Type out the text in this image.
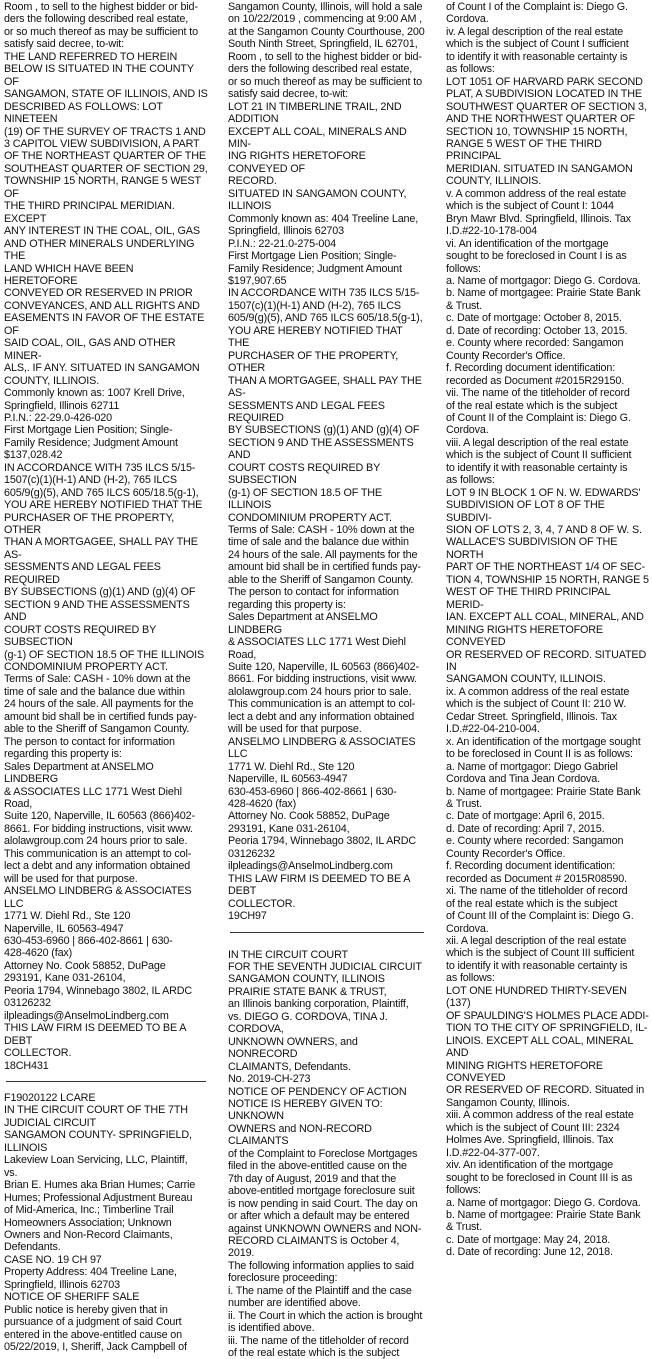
Room , to sell to the highest bidder or bid-

ders the following described real estate,

or so much thereof as may be sufficient to

satisfy said decree, to-wit:

THE LAND REFERRED TO HEREIN

BELOW IS SITUATED IN THE COUNTY OF

SANGAMON, STATE OF ILLINOIS, AND IS

DESCRIBED AS FOLLOWS: LOT NINETEEN

(19) OF THE SURVEY OF TRACTS 1 AND

3 CAPITOL VIEW SUBDIVISION, A PART

OF THE NORTHEAST QUARTER OF THE

SOUTHEAST QUARTER OF SECTION 29,

TOWNSHIP 15 NORTH, RANGE 5 WEST OF

THE THIRD PRINCIPAL MERIDIAN. EXCEPT

ANY INTEREST IN THE COAL, OIL, GAS

AND OTHER MINERALS UNDERLYING THE

LAND WHICH HAVE BEEN HERETOFORE

CONVEYED OR RESERVED IN PRIOR

CONVEYANCES, AND ALL RIGHTS AND

EASEMENTS IN FAVOR OF THE ESTATE OF

SAID COAL, OIL, GAS AND OTHER MINER-

ALS,. IF ANY. SITUATED IN SANGAMON

COUNTY, ILLINOIS.

Commonly known as: 1007 Krell Drive,

Springfield, Illinois 62711

P.I.N.: 22-29.0-426-020

First Mortgage Lien Position; Single-

Family Residence; Judgment Amount

$137,028.42

IN ACCORDANCE WITH 735 ILCS 5/15-

1507(c)(1)(H-1) AND (H-2), 765 ILCS

605/9(g)(5), AND 765 ILCS 605/18.5(g-1),

YOU ARE HEREBY NOTIFIED THAT THE

PURCHASER OF THE PROPERTY, OTHER

THAN A MORTGAGEE, SHALL PAY THE AS-

SESSMENTS AND LEGAL FEES REQUIRED

BY SUBSECTIONS (g)(1) AND (g)(4) OF

SECTION 9 AND THE ASSESSMENTS AND

COURT COSTS REQUIRED BY SUBSECTION

(g-1) OF SECTION 18.5 OF THE ILLINOIS

CONDOMINIUM PROPERTY ACT.

Terms of Sale: CASH - 10% down at the

time of sale and the balance due within

24 hours of the sale. All payments for the

amount bid shall be in certified funds pay-

able to the Sheriff of Sangamon County.

The person to contact for information

regarding this property is:

Sales Department at ANSELMO LINDBERG

& ASSOCIATES LLC 1771 West Diehl Road,

Suite 120, Naperville, IL 60563 (866)402-

8661. For bidding instructions, visit www.

alolawgroup.com 24 hours prior to sale.

This communication is an attempt to col-

lect a debt and any information obtained

will be used for that purpose.

ANSELMO LINDBERG & ASSOCIATES LLC

1771 W. Diehl Rd., Ste 120

Naperville, IL 60563-4947

630-453-6960 | 866-402-8661 | 630-

428-4620 (fax)

Attorney No. Cook 58852, DuPage

293191, Kane 031-26104,

Peoria 1794, Winnebago 3802, IL ARDC

03126232

ilpleadings@AnselmoLindberg.com

THIS LAW FIRM IS DEEMED TO BE A DEBT

COLLECTOR.

18CH431

F19020122 LCARE

IN THE CIRCUIT COURT OF THE 7TH

JUDICIAL CIRCUIT

SANGAMON COUNTY- SPRINGFIELD,

ILLINOIS

Lakeview Loan Servicing, LLC, Plaintiff,

vs.

Brian E. Humes aka Brian Humes; Carrie

Humes; Professional Adjustment Bureau

of Mid-America, Inc.; Timberline Trail

Homeowners Association; Unknown

Owners and Non-Record Claimants,

Defendants.

CASE NO. 19 CH 97

Property Address: 404 Treeline Lane,

Springfield, Illinois 62703

NOTICE OF SHERIFF SALE

Public notice is hereby given that in

pursuance of a judgment of said Court

entered in the above-entitled cause on

05/22/2019, I, Sheriff, Jack Campbell of

Sangamon County, Illinois, will hold a sale

on 10/22/2019 , commencing at 9:00 AM ,

at the Sangamon County Courthouse, 200

South Ninth Street, Springfield, IL 62701,

Room , to sell to the highest bidder or bid-

ders the following described real estate,

or so much thereof as may be sufficient to

satisfy said decree, to-wit:

LOT 21 IN TIMBERLINE TRAIL, 2ND

ADDITION

EXCEPT ALL COAL, MINERALS AND MIN-

ING RIGHTS HERETOFORE CONVEYED OF

RECORD.

SITUATED IN SANGAMON COUNTY,

ILLINOIS

Commonly known as: 404 Treeline Lane,

Springfield, Illinois 62703

P.I.N.: 22-21.0-275-004

First Mortgage Lien Position; Single-

Family Residence; Judgment Amount

$197,907.65

IN ACCORDANCE WITH 735 ILCS 5/15-

1507(c)(1)(H-1) AND (H-2), 765 ILCS

605/9(g)(5), AND 765 ILCS 605/18.5(g-1),

YOU ARE HEREBY NOTIFIED THAT THE

PURCHASER OF THE PROPERTY, OTHER

THAN A MORTGAGEE, SHALL PAY THE AS-

SESSMENTS AND LEGAL FEES REQUIRED

BY SUBSECTIONS (g)(1) AND (g)(4) OF

SECTION 9 AND THE ASSESSMENTS AND

COURT COSTS REQUIRED BY SUBSECTION

(g-1) OF SECTION 18.5 OF THE ILLINOIS

CONDOMINIUM PROPERTY ACT.

Terms of Sale: CASH - 10% down at the

time of sale and the balance due within

24 hours of the sale. All payments for the

amount bid shall be in certified funds pay-

able to the Sheriff of Sangamon County.

The person to contact for information

regarding this property is:

Sales Department at ANSELMO LINDBERG

& ASSOCIATES LLC 1771 West Diehl Road,

Suite 120, Naperville, IL 60563 (866)402-

8661. For bidding instructions, visit www.

alolawgroup.com 24 hours prior to sale.

This communication is an attempt to col-

lect a debt and any information obtained

will be used for that purpose.

ANSELMO LINDBERG & ASSOCIATES LLC

1771 W. Diehl Rd., Ste 120

Naperville, IL 60563-4947

630-453-6960 | 866-402-8661 | 630-

428-4620 (fax)

Attorney No. Cook 58852, DuPage

293191, Kane 031-26104,

Peoria 1794, Winnebago 3802, IL ARDC

03126232

ilpleadings@AnselmoLindberg.com

THIS LAW FIRM IS DEEMED TO BE A DEBT

COLLECTOR.

19CH97

IN THE CIRCUIT COURT

FOR THE SEVENTH JUDICIAL CIRCUIT

SANGAMON COUNTY, ILLINOIS

PRAIRIE STATE BANK & TRUST,

an Illinois banking corporation, Plaintiff,

vs. DIEGO G. CORDOVA, TINA J.

CORDOVA,

UNKNOWN OWNERS, and NONRECORD

CLAIMANTS, Defendants.

No. 2019-CH-273

NOTICE OF PENDENCY OF ACTION

NOTICE IS HEREBY GIVEN TO: UNKNOWN

OWNERS and NON-RECORD CLAIMANTS

of the Complaint to Foreclose Mortgages

filed in the above-entitled cause on the

7th day of August, 2019 and that the

above-entitled mortgage foreclosure suit

is now pending in said Court. The day on

or after which a default may be entered

against UNKNOWN OWNERS and NON-

RECORD CLAIMANTS is October 4, 2019.

The following information applies to said

foreclosure proceeding:

i. The name of the Plaintiff and the case

number are identified above.

ii. The Court in which the action is brought

is identified above.

iii. The name of the titleholder of record

of the real estate which is the subject

of Count I of the Complaint is: Diego G.

Cordova.

iv. A legal description of the real estate

which is the subject of Count I sufficient

to identify it with reasonable certainty is

as follows:

LOT 1051 OF HARVARD PARK SECOND

PLAT, A SUBDIVISION LOCATED IN THE

SOUTHWEST QUARTER OF SECTION 3,

AND THE NORTHWEST QUARTER OF

SECTION 10, TOWNSHIP 15 NORTH,

RANGE 5 WEST OF THE THIRD PRINCIPAL

MERIDIAN. SITUATED IN SANGAMON

COUNTY, ILLINOIS.

v. A common address of the real estate

which is the subject of Count I: 1044

Bryn Mawr Blvd. Springfield, Illinois. Tax

I.D.#22-10-178-004

vi. An identification of the mortgage

sought to be foreclosed in Count I is as

follows:

a. Name of mortgagor: Diego G. Cordova.

b. Name of mortgagee: Prairie State Bank

& Trust.

c. Date of mortgage: October 8, 2015.

d. Date of recording: October 13, 2015.

e. County where recorded: Sangamon

County Recorder's Office.

f. Recording document identification:

recorded as Document #2015R29150.

vii. The name of the titleholder of record

of the real estate which is the subject

of Count II of the Complaint is: Diego G.

Cordova.

viii. A legal description of the real estate

which is the subject of Count II sufficient

to identify it with reasonable certainty is

as follows:

LOT 9 IN BLOCK 1 OF N. W. EDWARDS'

SUBDIVISION OF LOT 8 OF THE SUBDIVI-

SION OF LOTS 2, 3, 4, 7 AND 8 OF W. S.

WALLACE'S SUBDIVISION OF THE NORTH

PART OF THE NORTHEAST 1/4 OF SEC-

TION 4, TOWNSHIP 15 NORTH, RANGE 5

WEST OF THE THIRD PRINCIPAL MERID-

IAN. EXCEPT ALL COAL, MINERAL, AND

MINING RIGHTS HERETOFORE CONVEYED

OR RESERVED OF RECORD. SITUATED IN

SANGAMON COUNTY, ILLINOIS.

ix. A common address of the real estate

which is the subject of Count II: 210 W.

Cedar Street. Springfield, Illinois. Tax

I.D.#22-04-210-004.

x. An identification of the mortgage sought

to be foreclosed in Count II is as follows:

a. Name of mortgagor: Diego Gabriel

Cordova and Tina Jean Cordova.

b. Name of mortgagee: Prairie State Bank

& Trust.

c. Date of mortgage: April 6, 2015.

d. Date of recording: April 7, 2015.

e. County where recorded: Sangamon

County Recorder's Office.

f. Recording document identification:

recorded as Document # 2015R08590.

xi. The name of the titleholder of record

of the real estate which is the subject

of Count III of the Complaint is: Diego G.

Cordova.

xii. A legal description of the real estate

which is the subject of Count III sufficient

to identify it with reasonable certainty is

as follows:

LOT ONE HUNDRED THIRTY-SEVEN (137)

OF SPAULDING'S HOLMES PLACE ADDI-

TION TO THE CITY OF SPRINGFIELD, IL-

LINOIS. EXCEPT ALL COAL, MINERAL AND

MINING RIGHTS HERETOFORE CONVEYED

OR RESERVED OF RECORD. Situated in

Sangamon County, Illinois.

xiii. A common address of the real estate

which is the subject of Count III: 2324

Holmes Ave. Springfield, Illinois. Tax

I.D.#22-04-377-007.

xiv. An identification of the mortgage

sought to be foreclosed in Count III is as

follows:

a. Name of mortgagor: Diego G. Cordova.

b. Name of mortgagee: Prairie State Bank

& Trust.

c. Date of mortgage: May 24, 2018.

d. Date of recording: June 12, 2018.
